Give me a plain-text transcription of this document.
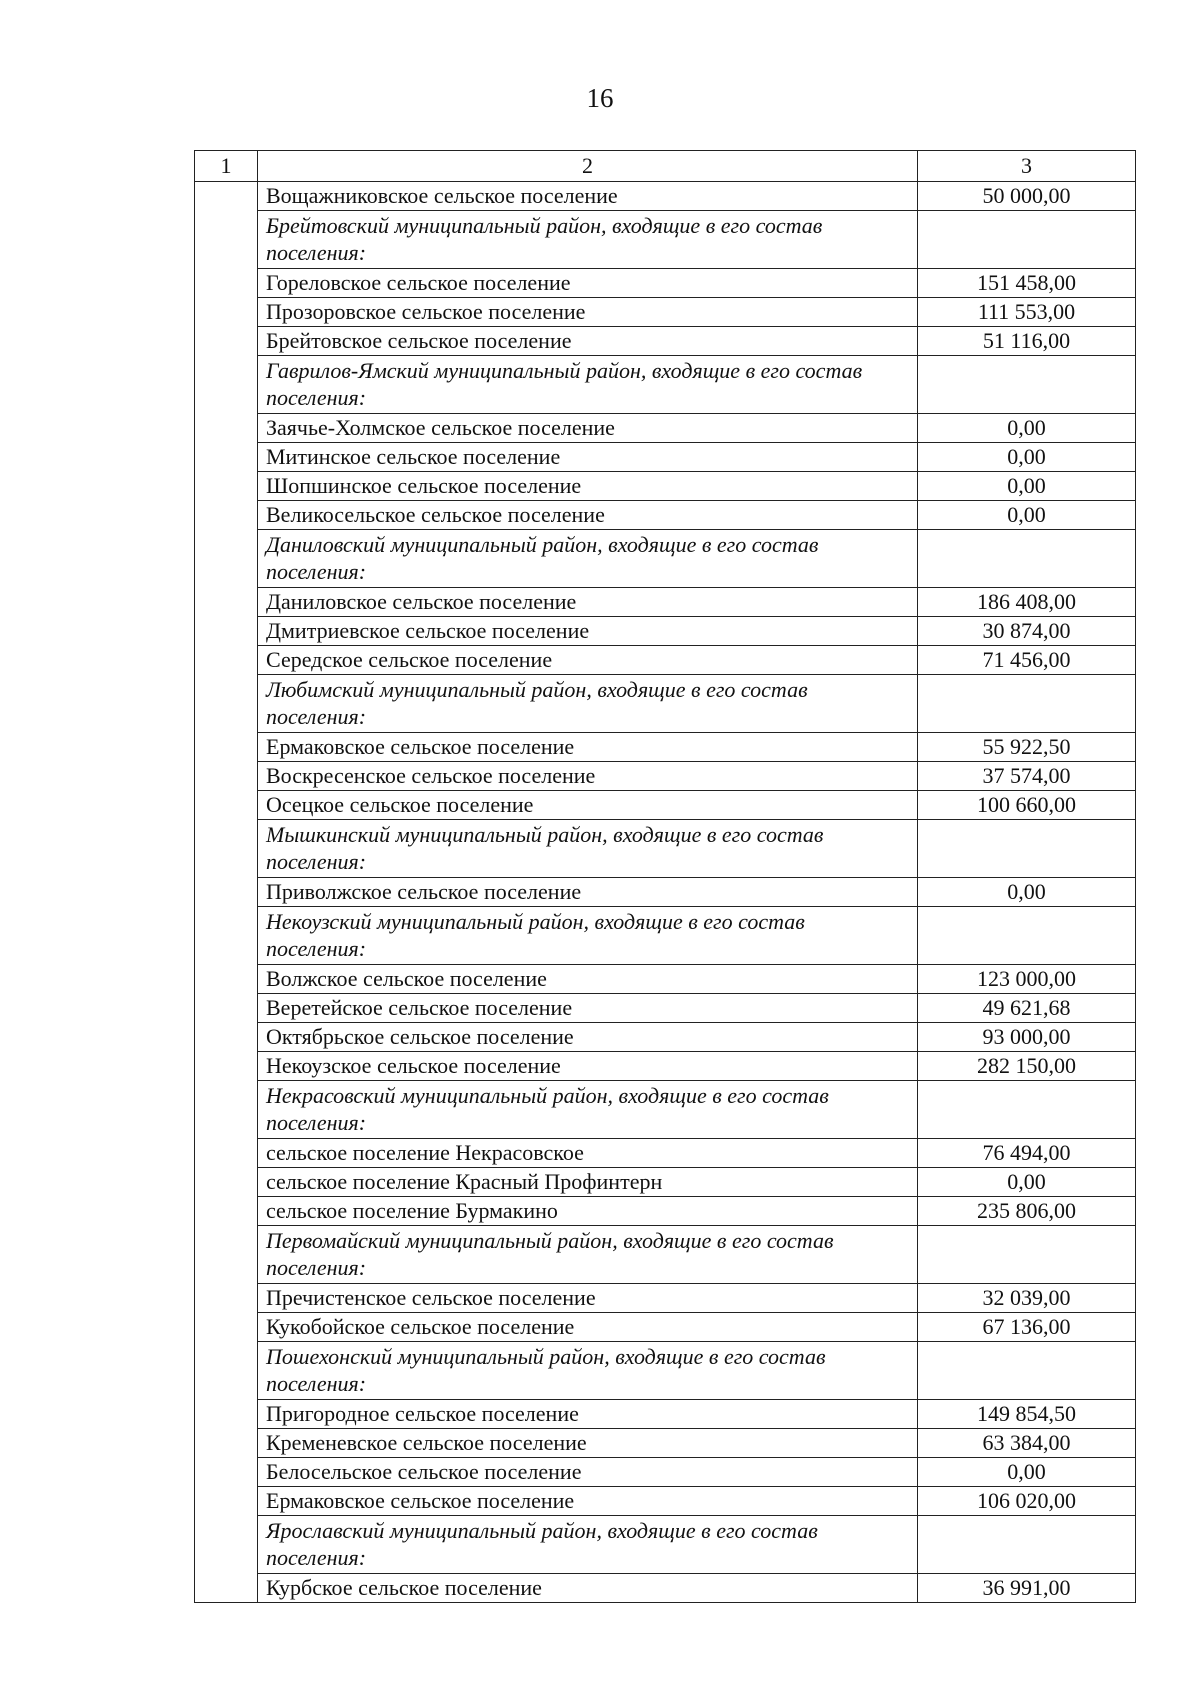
16
1	2	3
	Вощажниковское сельское поселение	50 000,00
	Брейтовский муниципальный район, входящие в его состав поселения:	
	Гореловское сельское поселение	151 458,00
	Прозоровское сельское поселение	111 553,00
	Брейтовское сельское поселение	51 116,00
	Гаврилов-Ямский муниципальный район, входящие в его состав поселения:	
	Заячье-Холмское сельское поселение	0,00
	Митинское сельское поселение	0,00
	Шопшинское сельское поселение	0,00
	Великосельское сельское поселение	0,00
	Даниловский муниципальный район, входящие в его состав поселения:	
	Даниловское сельское поселение	186 408,00
	Дмитриевское сельское поселение	30 874,00
	Середское сельское поселение	71 456,00
	Любимский муниципальный район, входящие в его состав поселения:	
	Ермаковское сельское поселение	55 922,50
	Воскресенское сельское поселение	37 574,00
	Осецкое сельское поселение	100 660,00
	Мышкинский муниципальный район, входящие в его состав поселения:	
	Приволжское сельское поселение	0,00
	Некоузский муниципальный район, входящие в его состав поселения:	
	Волжское сельское поселение	123 000,00
	Веретейское сельское поселение	49 621,68
	Октябрьское сельское поселение	93 000,00
	Некоузское сельское поселение	282 150,00
	Некрасовский муниципальный район, входящие в его состав поселения:	
	сельское поселение Некрасовское	76 494,00
	сельское поселение Красный Профинтерн	0,00
	сельское поселение Бурмакино	235 806,00
	Первомайский муниципальный район, входящие в его состав поселения:	
	Пречистенское сельское поселение	32 039,00
	Кукобойское сельское поселение	67 136,00
	Пошехонский муниципальный район, входящие в его состав поселения:	
	Пригородное сельское поселение	149 854,50
	Кременевское сельское поселение	63 384,00
	Белосельское сельское поселение	0,00
	Ермаковское сельское поселение	106 020,00
	Ярославский муниципальный район, входящие в его состав поселения:	
	Курбское сельское поселение	36 991,00
